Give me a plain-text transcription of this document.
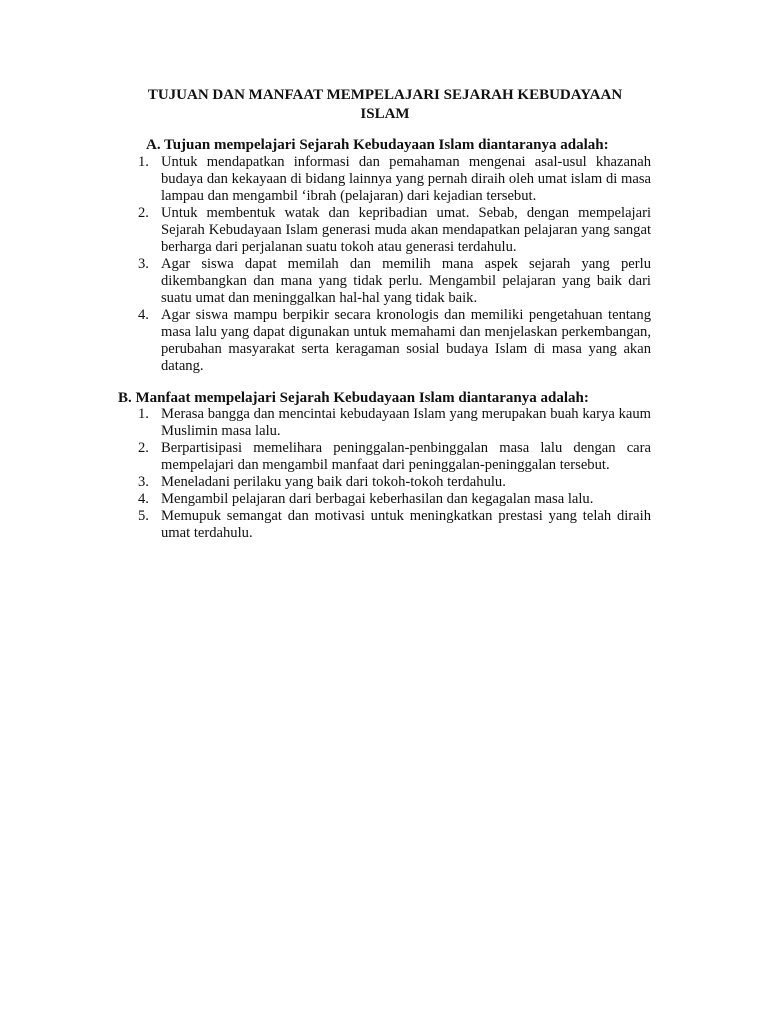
TUJUAN DAN MANFAAT MEMPELAJARI SEJARAH KEBUDAYAAN
ISLAM
A. Tujuan mempelajari Sejarah Kebudayaan Islam diantaranya adalah:
1. Untuk mendapatkan informasi dan pemahaman mengenai asal-usul khazanah budaya dan kekayaan di bidang lainnya yang pernah diraih oleh umat islam di masa lampau dan mengambil ‘ibrah (pelajaran) dari kejadian tersebut.
2. Untuk membentuk watak dan kepribadian umat. Sebab, dengan mempelajari Sejarah Kebudayaan Islam generasi muda akan mendapatkan pelajaran yang sangat berharga dari perjalanan suatu tokoh atau generasi terdahulu.
3. Agar siswa dapat memilah dan memilih mana aspek sejarah yang perlu dikembangkan dan mana yang tidak perlu. Mengambil pelajaran yang baik dari suatu umat dan meninggalkan hal-hal yang tidak baik.
4. Agar siswa mampu berpikir secara kronologis dan memiliki pengetahuan tentang masa lalu yang dapat digunakan untuk memahami dan menjelaskan perkembangan, perubahan masyarakat serta keragaman sosial budaya Islam di masa yang akan datang.
B. Manfaat mempelajari Sejarah Kebudayaan Islam diantaranya adalah:
1. Merasa bangga dan mencintai kebudayaan Islam yang merupakan buah karya kaum Muslimin masa lalu.
2. Berpartisipasi memelihara peninggalan-penbinggalan masa lalu dengan cara mempelajari dan mengambil manfaat dari peninggalan-peninggalan tersebut.
3. Meneladani perilaku yang baik dari tokoh-tokoh terdahulu.
4. Mengambil pelajaran dari berbagai keberhasilan dan kegagalan masa lalu.
5. Memupuk semangat dan motivasi untuk meningkatkan prestasi yang telah diraih umat terdahulu.
